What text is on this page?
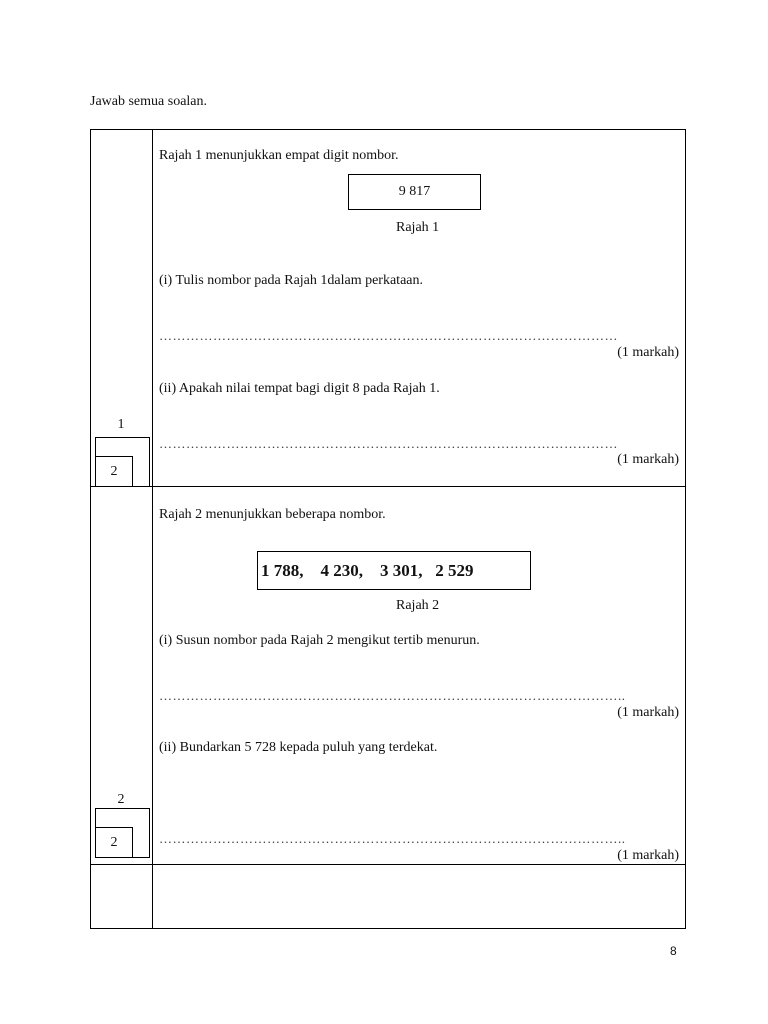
Jawab semua soalan.
Rajah 1 menunjukkan empat digit nombor.
9 817
Rajah 1
(i) Tulis nombor pada Rajah 1dalam perkataan.
…………………………………………………………………………………………
(1 markah)
(ii) Apakah nilai tempat bagi digit 8 pada Rajah 1.
…………………………………………………………………………………………
(1 markah)
1
2
Rajah 2 menunjukkan beberapa nombor.
1 788,    4 230,    3 301,   2 529
Rajah 2
(i) Susun nombor pada Rajah 2 mengikut tertib menurun.
…………………………………………………………………………………………..
(1 markah)
(ii) Bundarkan 5 728 kepada puluh yang terdekat.
…………………………………………………………………………………………..
(1 markah)
2
2
8
